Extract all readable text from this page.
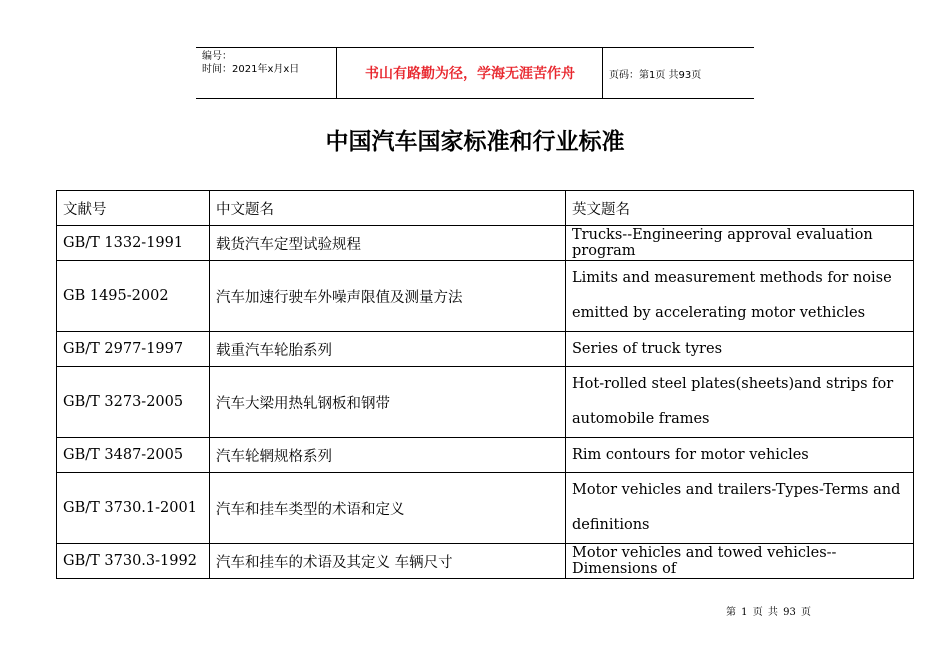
编号：
时间：2021年x月x日	书山有路勤为径，学海无涯苦作舟	页码：第1页 共93页
中国汽车国家标准和行业标准
文献号	中文题名	英文题名
GB/T 1332-1991	载货汽车定型试验规程	Trucks--Engineering approval evaluation program
GB 1495-2002	汽车加速行驶车外噪声限值及测量方法	Limits and measurement methods for noise emitted by accelerating motor vethicles

GB/T 2977-1997	载重汽车轮胎系列	Series of truck tyres
GB/T 3273-2005	汽车大梁用热轧钢板和钢带	Hot-rolled steel plates(sheets)and strips for automobile frames

GB/T 3487-2005	汽车轮辋规格系列	Rim contours for motor vehicles
GB/T 3730.1-2001	汽车和挂车类型的术语和定义	Motor vehicles and trailers-Types-Terms and definitions

GB/T 3730.3-1992	汽车和挂车的术语及其定义 车辆尺寸	Motor vehicles and towed vehicles--Dimensions of
第 1 页 共 93 页
